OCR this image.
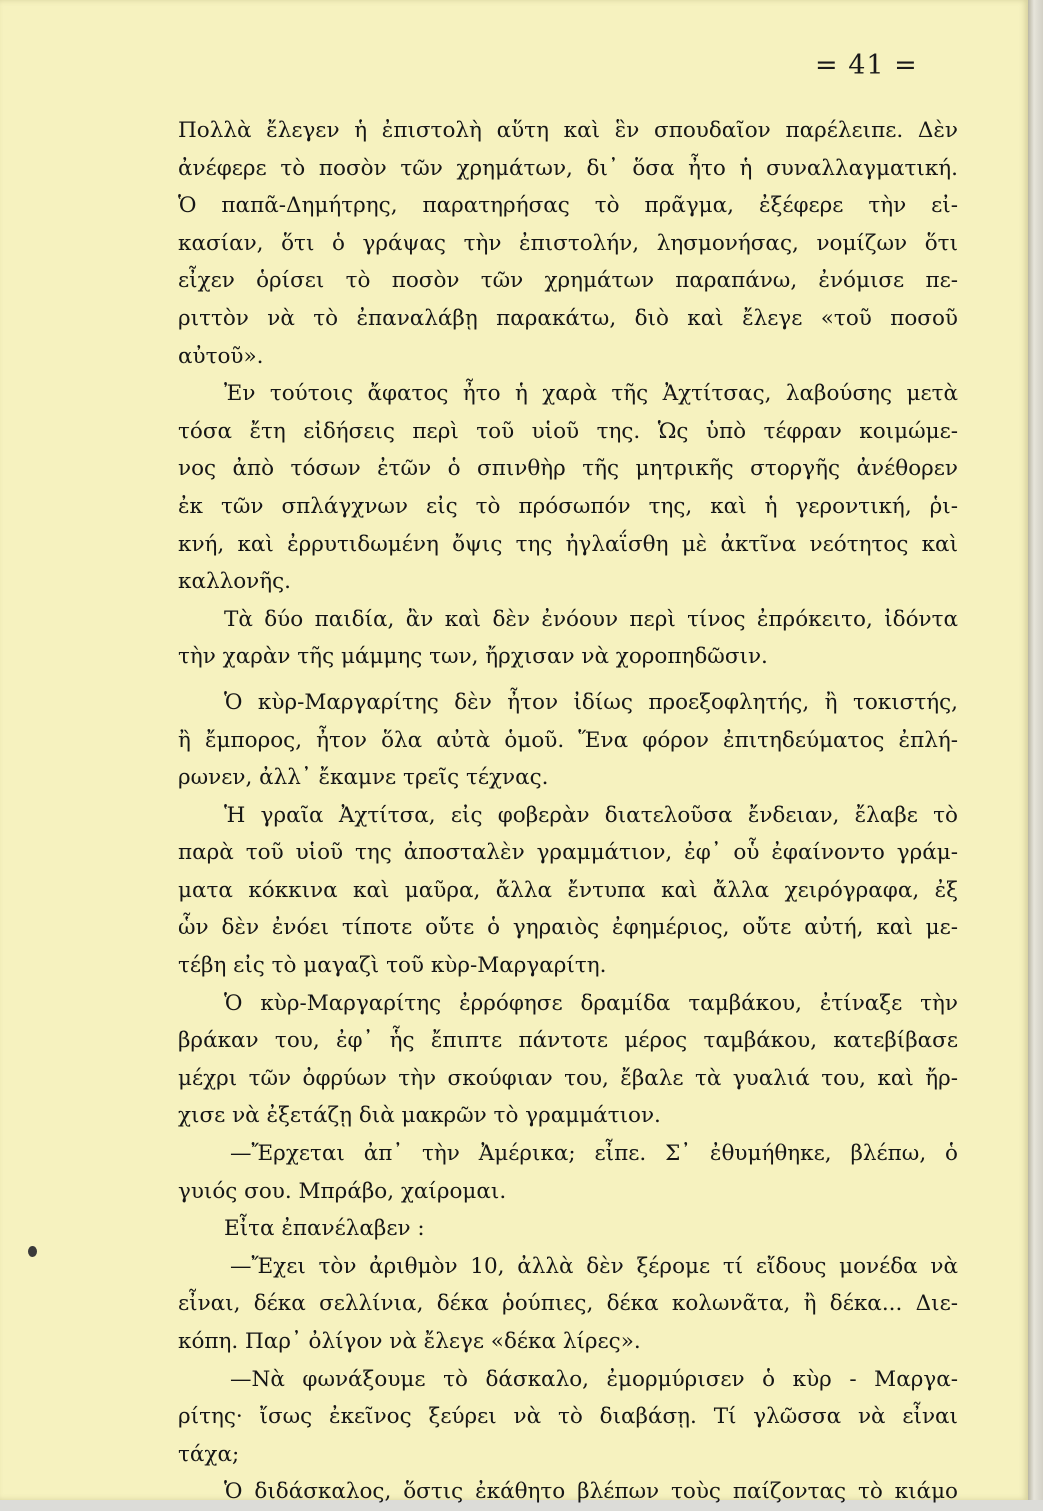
= 41 =
Πολλὰ ἔλεγεν ἡ ἐπιστολὴ αὕτη καὶ ἓν σπουδαῖον παρέλειπε. Δὲν
ἀνέφερε τὸ ποσὸν τῶν χρημάτων, δι᾽ ὅσα ἦτο ἡ συναλλαγματική.
Ὁ παπᾶ-Δημήτρης, παρατηρήσας τὸ πρᾶγμα, ἐξέφερε τὴν εἰ-
κασίαν, ὅτι ὁ γράψας τὴν ἐπιστολήν, λησμονήσας, νομίζων ὅτι
εἶχεν ὁρίσει τὸ ποσὸν τῶν χρημάτων παραπάνω, ἐνόμισε πε-
ριττὸν νὰ τὸ ἐπαναλάβῃ παρακάτω, διὸ καὶ ἔλεγε «τοῦ ποσοῦ
αὐτοῦ».
Ἐν τούτοις ἄφατος ἦτο ἡ χαρὰ τῆς Ἀχτίτσας, λαβούσης μετὰ
τόσα ἔτη εἰδήσεις περὶ τοῦ υἱοῦ της. Ὡς ὑπὸ τέφραν κοιμώμε-
νος ἀπὸ τόσων ἐτῶν ὁ σπινθὴρ τῆς μητρικῆς στοργῆς ἀνέθορεν
ἐκ τῶν σπλάγχνων εἰς τὸ πρόσωπόν της, καὶ ἡ γεροντική, ῥι-
κνή, καὶ ἐρρυτιδωμένη ὄψις της ἠγλαΐσθη μὲ ἀκτῖνα νεότητος καὶ
καλλονῆς.
Τὰ δύο παιδία, ἂν καὶ δὲν ἐνόουν περὶ τίνος ἐπρόκειτο, ἰδόντα
τὴν χαρὰν τῆς μάμμης των, ἤρχισαν νὰ χοροπηδῶσιν.
Ὁ κὺρ-Μαργαρίτης δὲν ἦτον ἰδίως προεξοφλητής, ἢ τοκιστής,
ἢ ἔμπορος, ἦτον ὅλα αὐτὰ ὁμοῦ. Ἕνα φόρον ἐπιτηδεύματος ἐπλή-
ρωνεν, ἀλλ᾽ ἔκαμνε τρεῖς τέχνας.
Ἡ γραῖα Ἀχτίτσα, εἰς φοβερὰν διατελοῦσα ἔνδειαν, ἔλαβε τὸ
παρὰ τοῦ υἱοῦ της ἀποσταλὲν γραμμάτιον, ἐφ᾽ οὗ ἐφαίνοντο γράμ-
ματα κόκκινα καὶ μαῦρα, ἄλλα ἔντυπα καὶ ἄλλα χειρόγραφα, ἐξ
ὧν δὲν ἐνόει τίποτε οὔτε ὁ γηραιὸς ἐφημέριος, οὔτε αὐτή, καὶ με-
τέβη εἰς τὸ μαγαζὶ τοῦ κὺρ-Μαργαρίτη.
Ὁ κὺρ-Μαργαρίτης ἐρρόφησε δραμίδα ταμβάκου, ἐτίναξε τὴν
βράκαν του, ἐφ᾽ ἧς ἔπιπτε πάντοτε μέρος ταμβάκου, κατεβίβασε
μέχρι τῶν ὀφρύων τὴν σκούφιαν του, ἔβαλε τὰ γυαλιά του, καὶ ἤρ-
χισε νὰ ἐξετάζῃ διὰ μακρῶν τὸ γραμμάτιον.
—Ἔρχεται ἀπ᾽ τὴν Ἀμέρικα; εἶπε. Σ᾽ ἐθυμήθηκε, βλέπω, ὁ
γυιός σου. Μπράβο, χαίρομαι.
Εἶτα ἐπανέλαβεν :
—Ἔχει τὸν ἀριθμὸν 10, ἀλλὰ δὲν ξέρομε τί εἴδους μονέδα νὰ
εἶναι, δέκα σελλίνια, δέκα ῥούπιες, δέκα κολωνᾶτα, ἢ δέκα... Διε-
κόπη. Παρ᾽ ὀλίγον νὰ ἔλεγε «δέκα λίρες».
—Νὰ φωνάξουμε τὸ δάσκαλο, ἐμορμύρισεν ὁ κὺρ - Μαργα-
ρίτης· ἴσως ἐκεῖνος ξεύρει νὰ τὸ διαβάσῃ. Τί γλῶσσα νὰ εἶναι
τάχα;
Ὁ διδάσκαλος, ὅστις ἐκάθητο βλέπων τοὺς παίζοντας τὸ κιάμο
